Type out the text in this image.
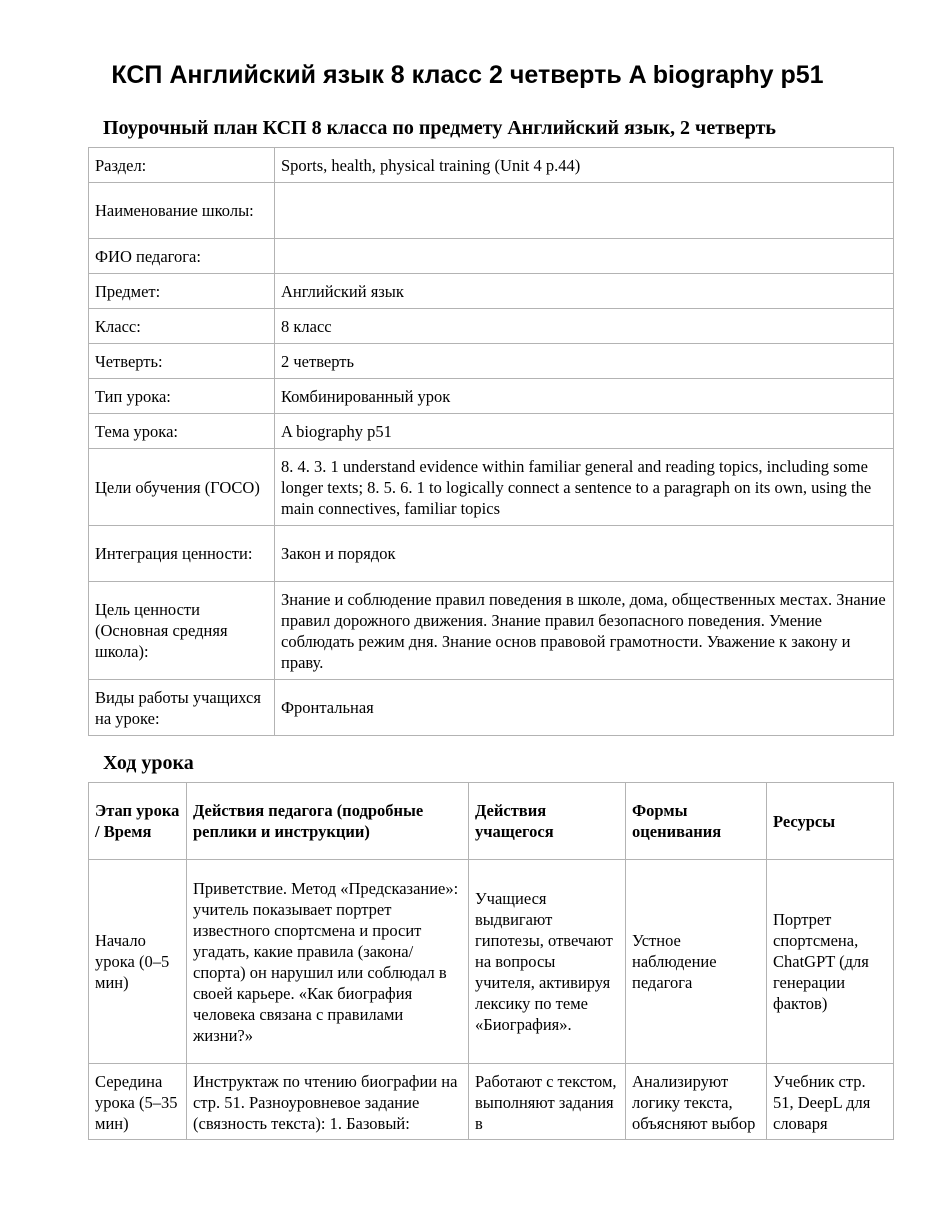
КСП Английский язык 8 класс 2 четверть A biography p51
Поурочный план КСП 8 класса по предмету Английский язык, 2 четверть
Раздел:	Sports, health, physical training (Unit 4 p.44)
Наименование школы:	
ФИО педагога:	
Предмет:	Английский язык
Класс:	8 класс
Четверть:	2 четверть
Тип урока:	Комбинированный урок
Тема урока:	A biography p51
Цели обучения (ГОСО)	8. 4. 3. 1 understand evidence within familiar general and reading topics, including some longer texts; 8. 5. 6. 1 to logically connect a sentence to a paragraph on its own, using the main connectives, familiar topics
Интеграция ценности:	Закон и порядок
Цель ценности (Основная средняя школа):	Знание и соблюдение правил поведения в школе, дома, общественных местах. Знание правил дорожного движения. Знание правил безопасного поведения. Умение соблюдать режим дня. Знание основ правовой грамотности. Уважение к закону и праву.
Виды работы учащихся на уроке:	Фронтальная
Ход урока
Этап урока / Время	Действия педагога (подробные реплики и инструкции)	Действия учащегося	Формы оценивания	Ресурсы
Начало урока (0–5 мин)	Приветствие. Метод «Предсказание»: учитель показывает портрет известного спортсмена и просит угадать, какие правила (закона/спорта) он нарушил или соблюдал в своей карьере. «Как биография человека связана с правилами жизни?»	Учащиеся выдвигают гипотезы, отвечают на вопросы учителя, активируя лексику по теме «Биография».	Устное наблюдение педагога	Портрет спортсмена, ChatGPT (для генерации фактов)
Середина урока (5–35 мин)	Инструктаж по чтению биографии на стр. 51. Разноуровневое задание (связность текста): 1. Базовый:	Работают с текстом, выполняют задания в	Анализируют логику текста, объясняют выбор	Учебник стр. 51, DeepL для словаря
